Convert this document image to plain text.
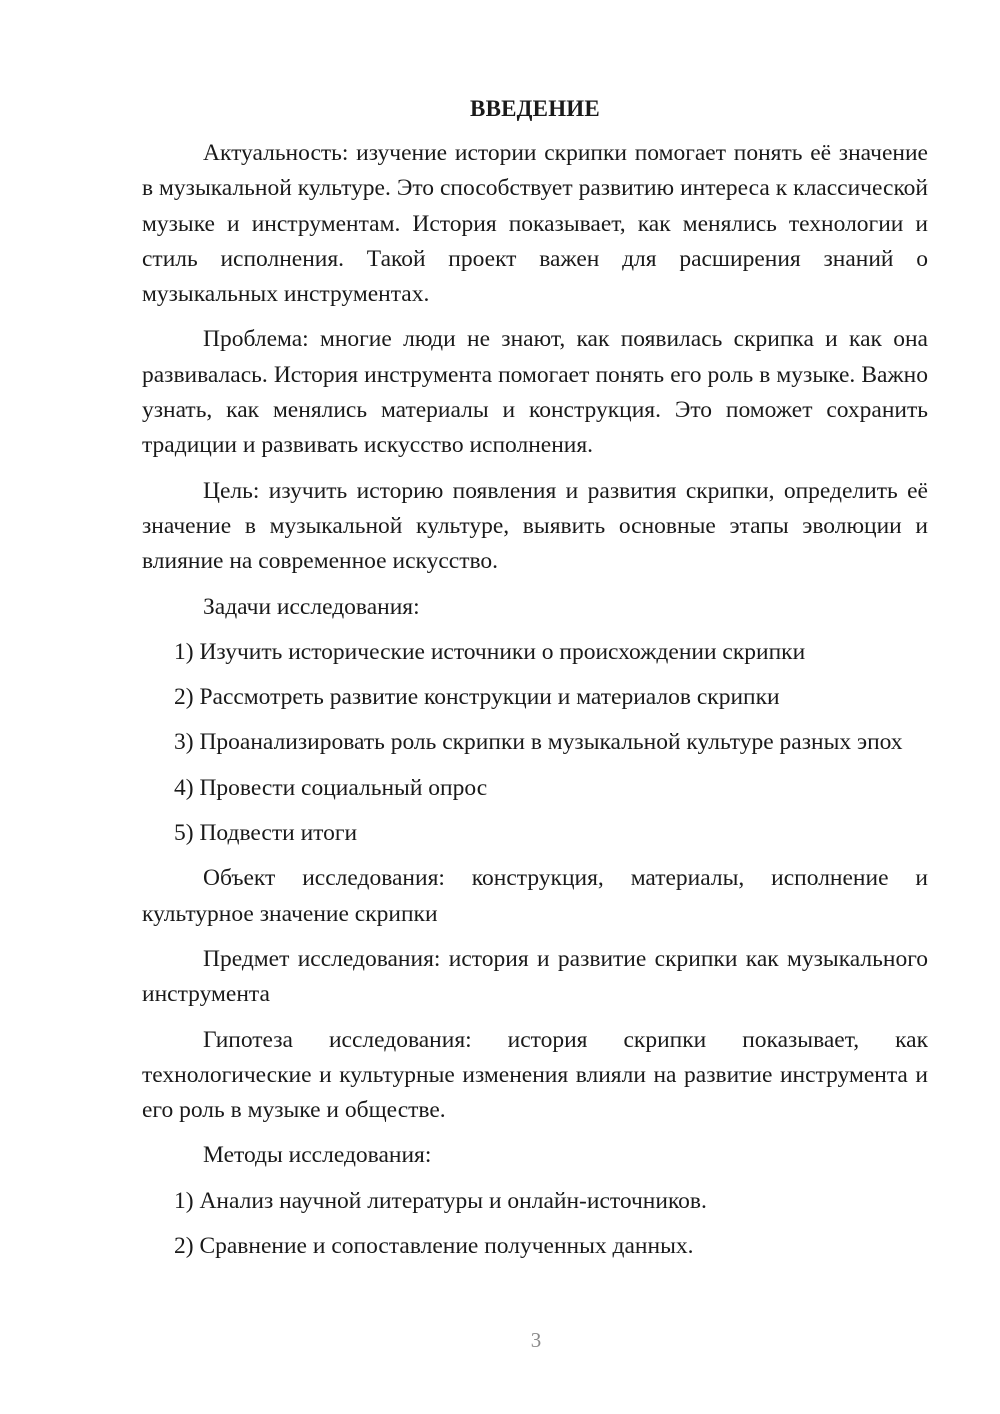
ВВЕДЕНИЕ

Актуальность: изучение истории скрипки помогает понять её значение в музыкальной культуре. Это способствует развитию интереса к классической музыке и инструментам. История показывает, как менялись технологии и стиль исполнения. Такой проект важен для расширения знаний о музыкальных инструментах.

Проблема: многие люди не знают, как появилась скрипка и как она развивалась. История инструмента помогает понять его роль в музыке. Важно узнать, как менялись материалы и конструкция. Это поможет сохранить традиции и развивать искусство исполнения.

Цель: изучить историю появления и развития скрипки, определить её значение в музыкальной культуре, выявить основные этапы эволюции и влияние на современное искусство.

Задачи исследования:

1) Изучить исторические источники о происхождении скрипки

2) Рассмотреть развитие конструкции и материалов скрипки

3) Проанализировать роль скрипки в музыкальной культуре разных эпох

4) Провести социальный опрос

5) Подвести итоги

Объект исследования: конструкция, материалы, исполнение и культурное значение скрипки

Предмет исследования: история и развитие скрипки как музыкального инструмента

Гипотеза исследования: история скрипки показывает, как технологические и культурные изменения влияли на развитие инструмента и его роль в музыке и обществе.

Методы исследования:

1) Анализ научной литературы и онлайн-источников.

2) Сравнение и сопоставление полученных данных.

3
